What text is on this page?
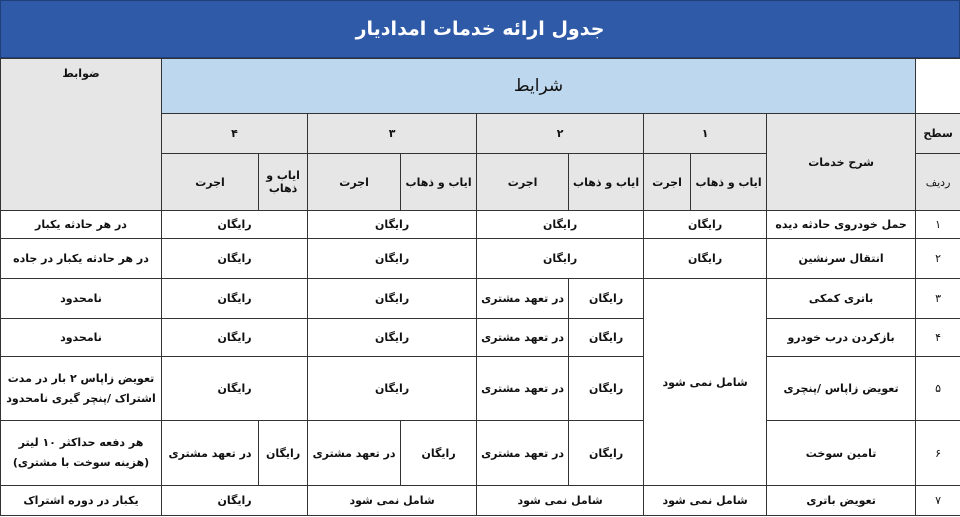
جدول ارائه خدمات امدادیار
	شرایط									ضوابط
سطح	شرح خدمات	۱		۲		۳		۴		
ردیف		ایاب و ذهاب	اجرت	ایاب و ذهاب	اجرت	ایاب و ذهاب	اجرت	ایاب و ذهاب	اجرت	
۱	حمل خودروی حادثه دیده	رایگان		رایگان		رایگان		رایگان		در هر حادثه یکبار
۲	انتقال سرنشین	رایگان		رایگان		رایگان		رایگان		در هر حادثه یکبار در جاده
۳	باتری کمکی	شامل نمی شود		رایگان	در تعهد مشتری	رایگان		رایگان		نامحدود
۴	بازکردن درب خودرو			رایگان	در تعهد مشتری	رایگان		رایگان		نامحدود
۵	تعویض زاپاس /پنچری			رایگان	در تعهد مشتری	رایگان		رایگان		تعویض زاپاس ۲ بار در مدت اشتراک /پنچر گیری نامحدود
۶	تامین سوخت			رایگان	در تعهد مشتری	رایگان	در تعهد مشتری	رایگان	در تعهد مشتری	هر دفعه حداکثر ۱۰ لیتر (هزینه سوخت با مشتری)
۷	تعویض باتری	شامل نمی شود		شامل نمی شود		شامل نمی شود		رایگان		یکبار در دوره اشتراک
